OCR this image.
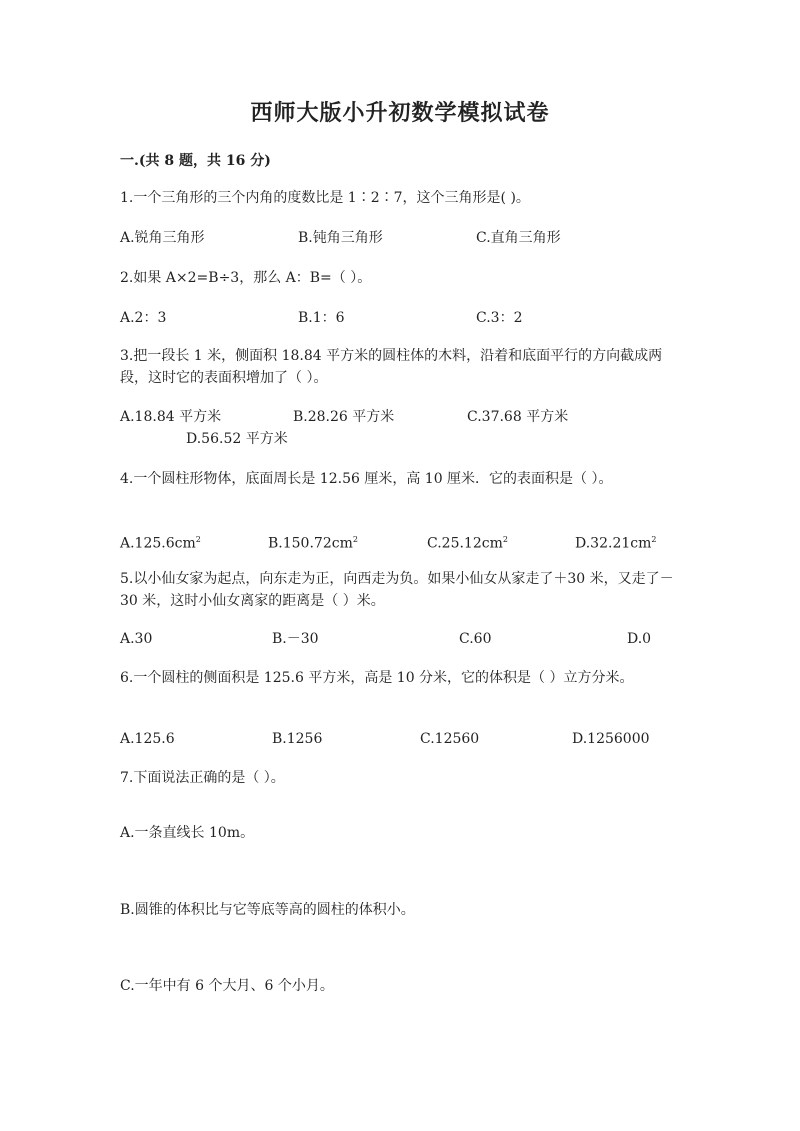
西师大版小升初数学模拟试卷
一.(共 8 题，共 16 分)
1.一个三角形的三个内角的度数比是 1∶2∶7，这个三角形是( )。
A.锐角三角形	B.钝角三角形	C.直角三角形
2.如果 A×2=B÷3，那么 A：B=（ ）。
A.2：3	B.1：6	C.3：2
3.把一段长 1 米，侧面积 18.84 平方米的圆柱体的木料，沿着和底面平行的方向截成两段，这时它的表面积增加了（ ）。
A.18.84 平方米	B.28.26 平方米	C.37.68 平方米
D.56.52 平方米
4.一个圆柱形物体，底面周长是 12.56 厘米，高 10 厘米．它的表面积是（ ）。
$A.125.6cm^2$	$B.150.72cm^2$	$C.25.12cm^2$	$D.32.21cm^2$
5.以小仙女家为起点，向东走为正，向西走为负。如果小仙女从家走了＋30 米，又走了－30 米，这时小仙女离家的距离是（ ）米。
A.30	B.－30	C.60	D.0
6.一个圆柱的侧面积是 125.6 平方米，高是 10 分米，它的体积是（ ）立方分米。
A.125.6	B.1256	C.12560	D.1256000
7.下面说法正确的是（ ）。
A.一条直线长 10m。
B.圆锥的体积比与它等底等高的圆柱的体积小。
C.一年中有 6 个大月、6 个小月。
